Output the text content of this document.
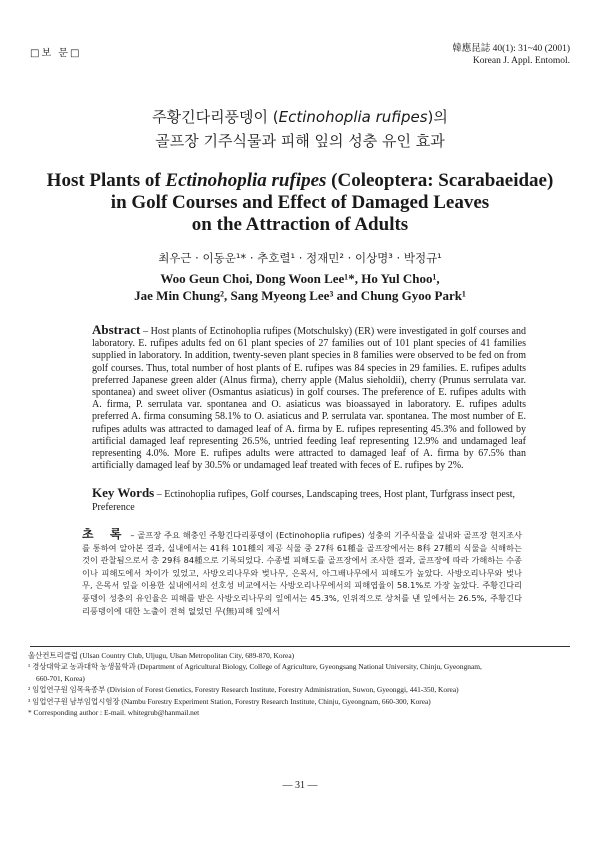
□보 문□	韓應昆誌 40(1): 31~40 (2001)
Korean J. Appl. Entomol.
주황긴다리풍뎅이 (Ectinohoplia rufipes)의
골프장 기주식물과 피해 잎의 성충 유인 효과
Host Plants of Ectinohoplia rufipes (Coleoptera: Scarabaeidae)
in Golf Courses and Effect of Damaged Leaves
on the Attraction of Adults
최우근 · 이동운¹* · 추호렬¹ · 정재민² · 이상명³ · 박정규¹
Woo Geun Choi, Dong Woon Lee¹*, Ho Yul Choo¹,
Jae Min Chung², Sang Myeong Lee³ and Chung Gyoo Park¹
Abstract – Host plants of Ectinohoplia rufipes (Motschulsky) (ER) were investigated in golf courses and laboratory. E. rufipes adults fed on 61 plant species of 27 families out of 101 plant species of 41 families supplied in laboratory. In addition, twenty-seven plant species in 8 families were observed to be fed on from golf courses. Thus, total number of host plants of E. rufipes was 84 species in 29 families. E. rufipes adults preferred Japanese green alder (Alnus firma), cherry apple (Malus sieholdii), cherry (Prunus serrulata var. spontanea) and sweet oliver (Osmantus asiaticus) in golf courses. The preference of E. rufipes adults with A. firma, P. serrulata var. spontanea and O. asiaticus was bioassayed in laboratory. E. rufipes adults preferred A. firma consuming 58.1% to O. asiaticus and P. serrulata var. spontanea. The most number of E. rufipes adults was attracted to damaged leaf of A. firma by E. rufipes representing 45.3% and followed by artificial damaged leaf representing 26.5%, untried feeding leaf representing 12.9% and undamaged leaf representing 4.0%. More E. rufipes adults were attracted to damaged leaf of A. firma by 67.5% than artificially damaged leaf by 30.5% or undamaged leaf treated with feces of E. rufipes by 2%.
Key Words – Ectinohoplia rufipes, Golf courses, Landscaping trees, Host plant, Turfgrass insect pest, Preference
초 록 – 골프장 주요 해충인 주황긴다리풍뎅이 (Ectinohoplia rufipes) 성충의 기주식물을 실내와 골프장 현지조사를 통하여 알아본 결과, 실내에서는 41科 101種의 제공 식물 중 27科 61種을 골프장에서는 8科 27種의 식물을 식해하는 것이 관찰됨으로서 총 29科 84種으로 기록되었다. 수종별 피해도를 골프장에서 조사한 결과, 골프장에 따라 가해하는 수종이나 피해도에서 차이가 있었고, 사방오리나무와 벚나무, 은목서, 아그배나무에서 피해도가 높았다. 사방오리나무와 벚나무, 은목서 잎을 이용한 실내에서의 선호성 비교에서는 사방오리나무에서의 피해엽율이 58.1%로 가장 높았다. 주황긴다리풍뎅이 성충의 유인율은 피해를 받은 사방오리나무의 잎에서는 45.3%, 인위적으로 상처를 낸 잎에서는 26.5%, 주황긴다리풍뎅이에 대한 노출이 전혀 없었던 무(無)피해 잎에서
울산컨트리클럽 (Ulsan Country Club, Uljugu, Ulsan Metropolitan City, 689-870, Korea)
¹ 경상대학교 농과대학 농생물학과 (Department of Agricultural Biology, College of Agriculture, Gyeongsang National University, Chinju, Gyeongnam,
660-701, Korea)
² 임업연구원 임목육종부 (Division of Forest Genetics, Forestry Research Institute, Forestry Administration, Suwon, Gyeonggi, 441-350, Korea)
³ 임업연구원 남부임업시험장 (Nambu Forestry Experiment Station, Forestry Research Institute, Chinju, Gyeongnam, 660-300, Korea)
* Corresponding author : E-mail. whitegrub@hanmail.net
— 31 —
